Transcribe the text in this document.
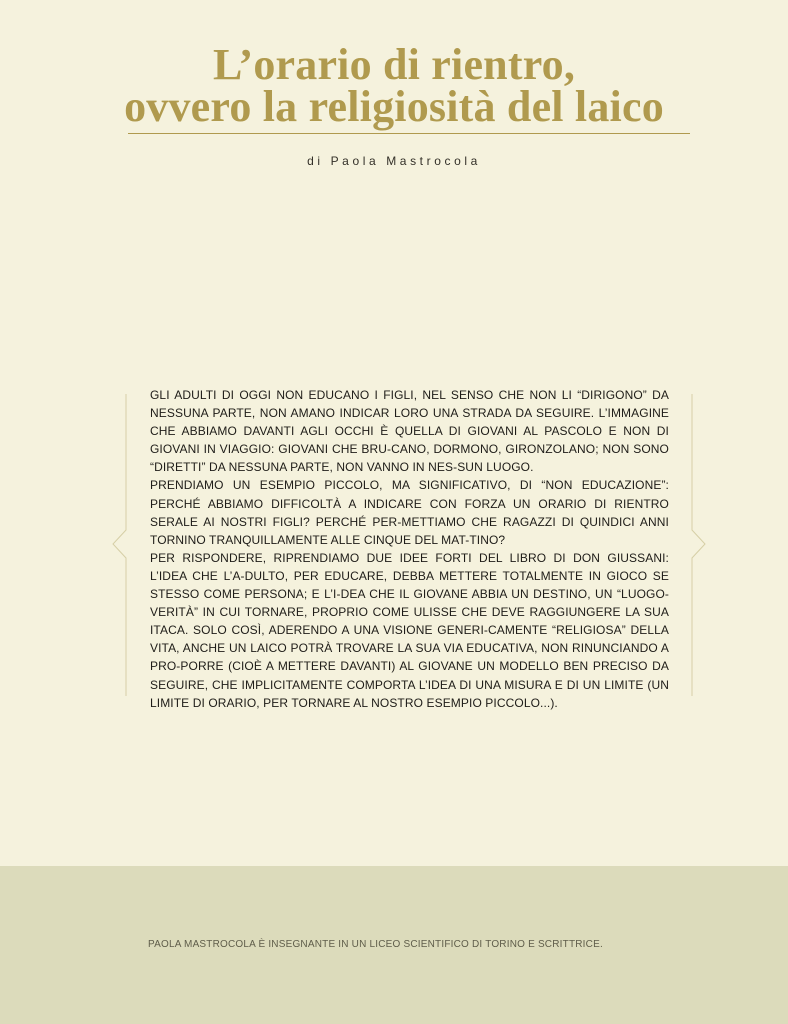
L’orario di rientro,
ovvero la religiosità del laico
di Paola Mastrocola

GLI ADULTI DI OGGI NON EDUCANO I FIGLI, NEL SENSO CHE NON LI “DIRIGONO” DA NESSUNA PARTE, NON AMANO INDICAR LORO UNA STRADA DA SEGUIRE. L’IMMAGINE CHE ABBIAMO DAVANTI AGLI OCCHI È QUELLA DI GIOVANI AL PASCOLO E NON DI GIOVANI IN VIAGGIO: GIOVANI CHE BRU-CANO, DORMONO, GIRONZOLANO; NON SONO “DIRETTI” DA NESSUNA PARTE, NON VANNO IN NES-SUN LUOGO.

PRENDIAMO UN ESEMPIO PICCOLO, MA SIGNIFICATIVO, DI “NON EDUCAZIONE”: PERCHÉ ABBIAMO DIFFICOLTÀ A INDICARE CON FORZA UN ORARIO DI RIENTRO SERALE AI NOSTRI FIGLI? PERCHÉ PER-METTIAMO CHE RAGAZZI DI QUINDICI ANNI TORNINO TRANQUILLAMENTE ALLE CINQUE DEL MAT-TINO?

PER RISPONDERE, RIPRENDIAMO DUE IDEE FORTI DEL LIBRO DI DON GIUSSANI: L’IDEA CHE L’A-DULTO, PER EDUCARE, DEBBA METTERE TOTALMENTE IN GIOCO SE STESSO COME PERSONA; E L’I-DEA CHE IL GIOVANE ABBIA UN DESTINO, UN “LUOGO-VERITÀ” IN CUI TORNARE, PROPRIO COME ULISSE CHE DEVE RAGGIUNGERE LA SUA ITACA. SOLO COSÌ, ADERENDO A UNA VISIONE GENERI-CAMENTE “RELIGIOSA” DELLA VITA, ANCHE UN LAICO POTRÀ TROVARE LA SUA VIA EDUCATIVA, NON RINUNCIANDO A PRO-PORRE (CIOÈ A METTERE DAVANTI) AL GIOVANE UN MODELLO BEN PRECISO DA SEGUIRE, CHE IMPLICITAMENTE COMPORTA L’IDEA DI UNA MISURA E DI UN LIMITE (UN LIMITE DI ORARIO, PER TORNARE AL NOSTRO ESEMPIO PICCOLO...).

PAOLA MASTROCOLA È INSEGNANTE IN UN LICEO SCIENTIFICO DI TORINO E SCRITTRICE.
